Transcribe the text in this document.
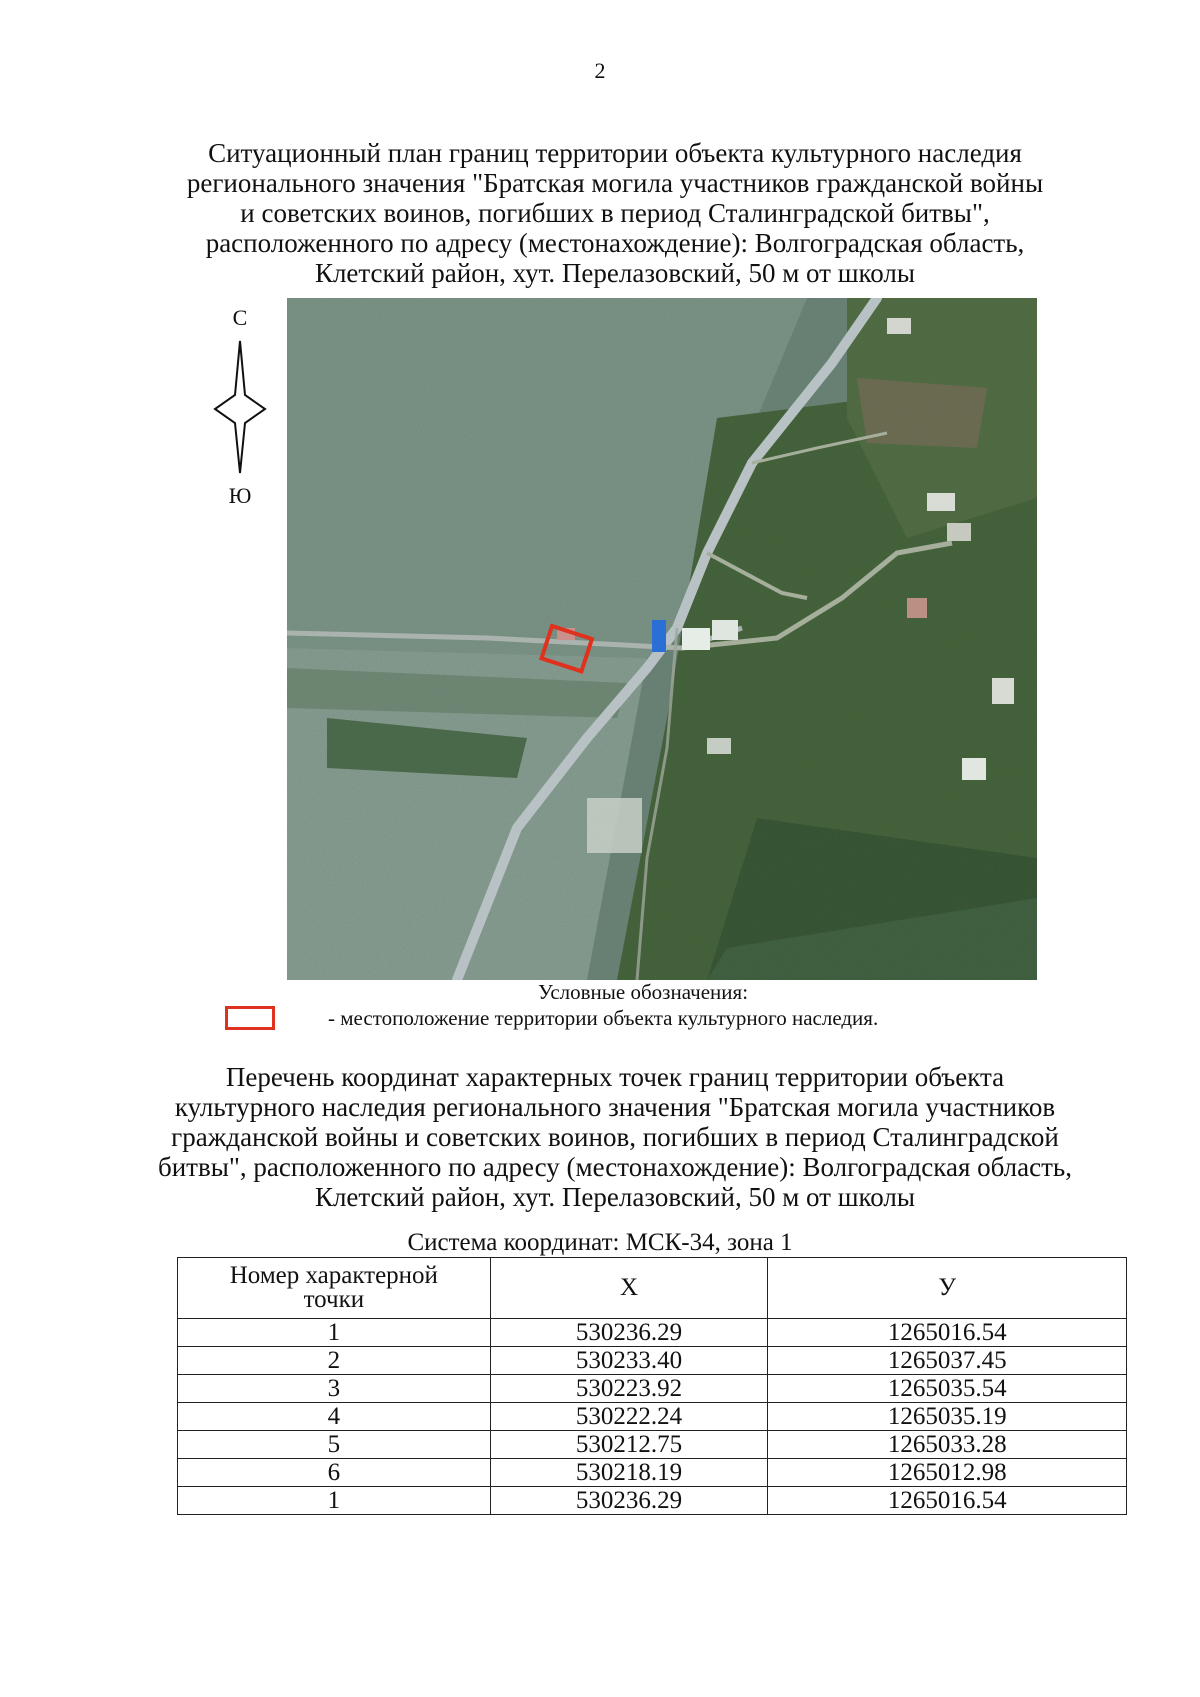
2
Ситуационный план границ территории объекта культурного наследия
регионального значения "Братская могила участников гражданской войны
и советских воинов, погибших в период Сталинградской битвы",
расположенного по адресу (местонахождение): Волгоградская область,
Клетский район, хут. Перелазовский, 50 м от школы
С
Ю
Условные обозначения:
- местоположение территории объекта культурного наследия.
Перечень координат характерных точек границ территории объекта
культурного наследия регионального значения "Братская могила участников
гражданской войны и советских воинов, погибших в период Сталинградской
битвы", расположенного по адресу (местонахождение): Волгоградская область,
Клетский район, хут. Перелазовский, 50 м от школы
Система координат: МСК-34, зона 1
Номер характерной
точки	X	У
1	530236.29	1265016.54
2	530233.40	1265037.45
3	530223.92	1265035.54
4	530222.24	1265035.19
5	530212.75	1265033.28
6	530218.19	1265012.98
1	530236.29	1265016.54
